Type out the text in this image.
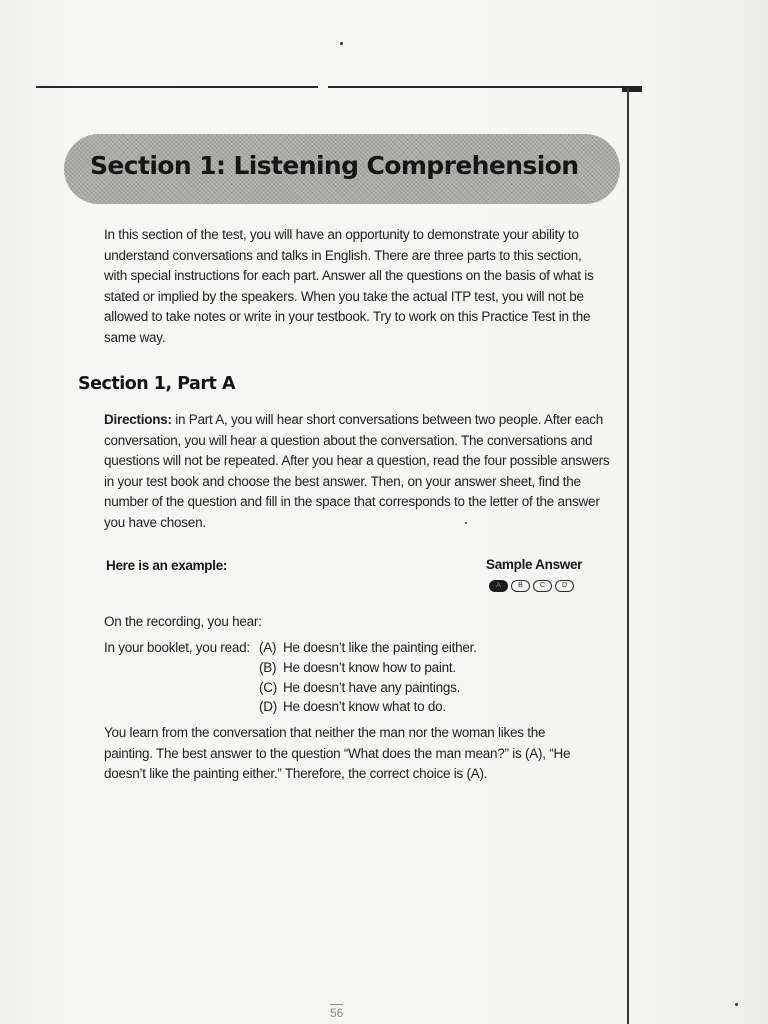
Section 1: Listening Comprehension

In this section of the test, you will have an opportunity to demonstrate your ability to understand conversations and talks in English. There are three parts to this section, with special instructions for each part. Answer all the questions on the basis of what is stated or implied by the speakers. When you take the actual ITP test, you will not be allowed to take notes or write in your testbook. Try to work on this Practice Test in the same way.

Section 1, Part A

Directions: in Part A, you will hear short conversations between two people. After each conversation, you will hear a question about the conversation. The conversations and questions will not be repeated. After you hear a question, read the four possible answers in your test book and choose the best answer. Then, on your answer sheet, find the number of the question and fill in the space that corresponds to the letter of the answer you have chosen.

Here is an example:	Sample Answer

A	B	C	D

On the recording, you hear:

In your booklet, you read: (A) He doesn’t like the painting either.

(B) He doesn’t know how to paint.

(C) He doesn’t have any paintings.

(D) He doesn’t know what to do.

You learn from the conversation that neither the man nor the woman likes the painting. The best answer to the question “What does the man mean?” is (A), “He doesn’t like the painting either.” Therefore, the correct choice is (A).

56
